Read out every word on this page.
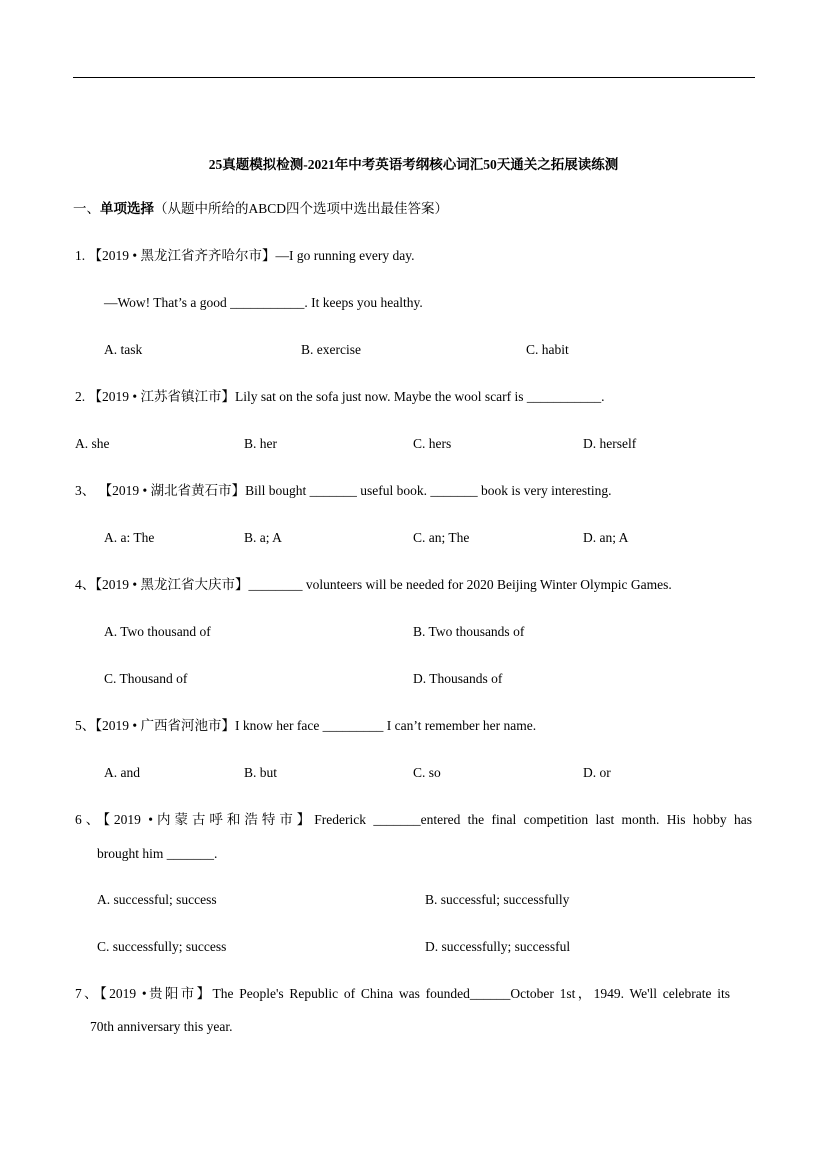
25真题模拟检测-2021年中考英语考纲核心词汇50天通关之拓展读练测
一、单项选择（从题中所给的ABCD四个选项中选出最佳答案）
1. 【2019 • 黑龙江省齐齐哈尔市】—I go running every day.
—Wow! That’s a good ___________. It keeps you healthy.
A. task	B. exercise	C. habit
2. 【2019 • 江苏省镇江市】Lily sat on the sofa just now. Maybe the wool scarf is ___________.
A. she	B. her	C. hers	D. herself
3、 【2019 • 湖北省黄石市】Bill bought _______ useful book. _______ book is very interesting.
A. a: The	B. a; A	C. an; The	D. an; A
4、【2019 • 黑龙江省大庆市】________ volunteers will be needed for 2020 Beijing Winter Olympic Games.
A. Two thousand of	B. Two thousands of
C. Thousand of	D. Thousands of
5、【2019 • 广西省河池市】I know her face _________ I can’t remember her name.
A. and	B. but	C. so	D. or
6、【2019 •内蒙古呼和浩特市】Frederick _______entered the final competition last month. His hobby has
brought him _______.
A. successful; success	B. successful; successfully
C. successfully; success	D. successfully; successful
7、【2019 •贵阳市】The People's Republic of China was founded______October 1st，1949. We'll celebrate its
70th anniversary this year.
